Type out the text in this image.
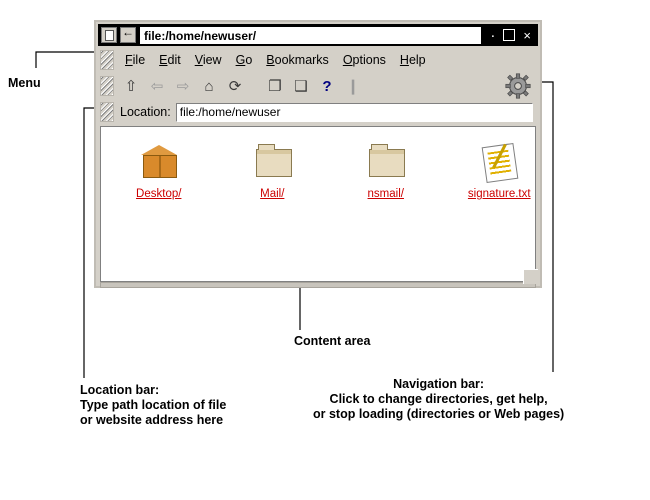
←
file:/home/newuser/	· ×
File	Edit	View	Go	Bookmarks	Options	Help
⇧ ⇦ ⇨	⌂	⟳	❐ ❑ ?	❙
Location:
file:/home/newuser
Desktop/	Mail/	nsmail/	signature.txt
Menu
Content area
Location bar:
Type path location of file
or website address here
Navigation bar:
Click to change directories, get help,
or stop loading (directories or Web pages)
